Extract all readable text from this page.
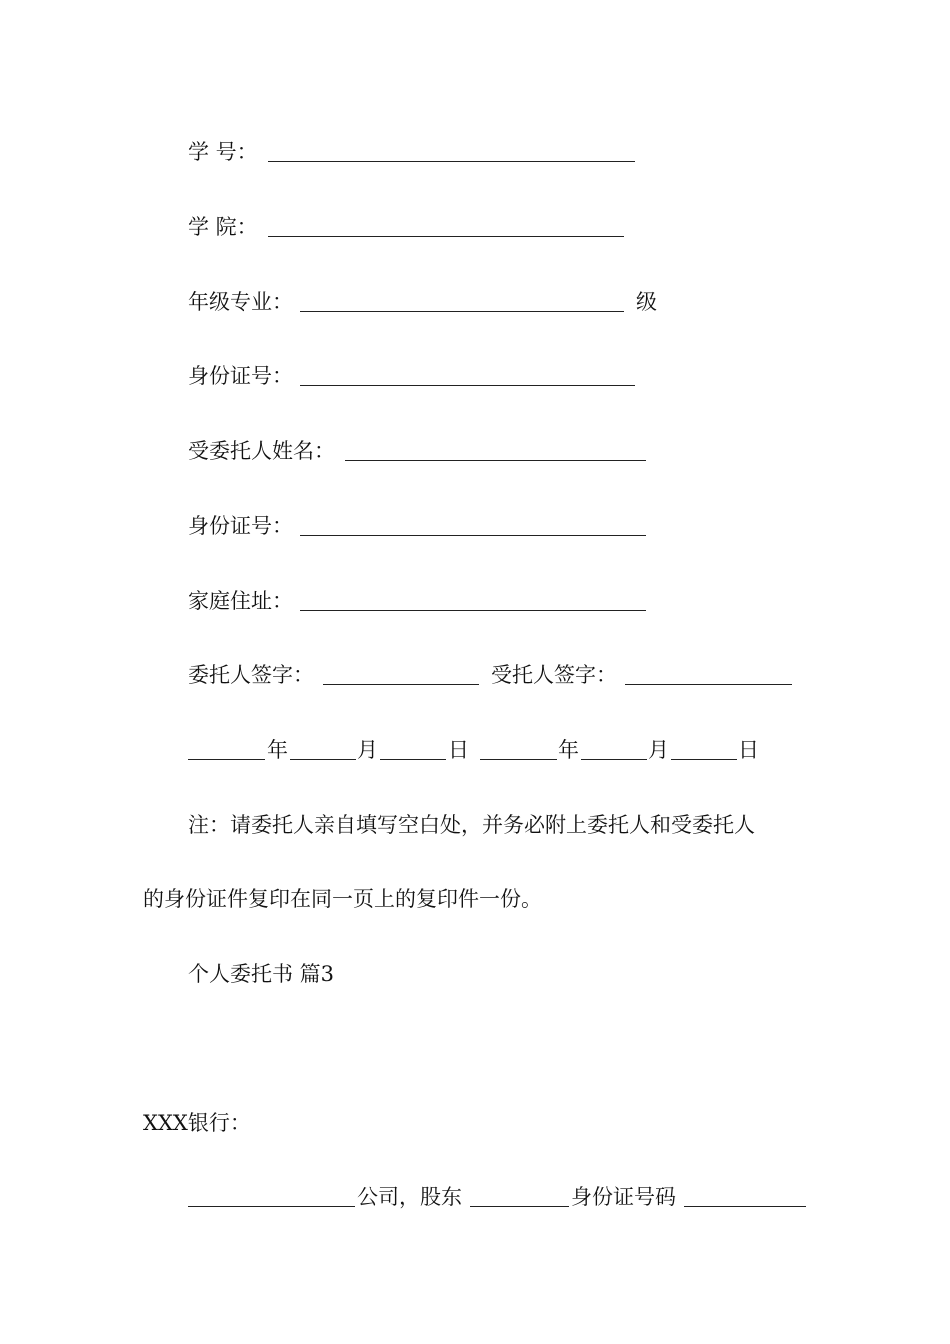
学 号：
学 院：
年级专业：	级
身份证号：
受委托人姓名：
身份证号：
家庭住址：
委托人签字：	受托人签字：
年	月	日	年	月	日
注：请委托人亲自填写空白处，并务必附上委托人和受委托人
的身份证件复印在同一页上的复印件一份。
个人委托书 篇3
XXX银行：
公司，股东	身份证号码
